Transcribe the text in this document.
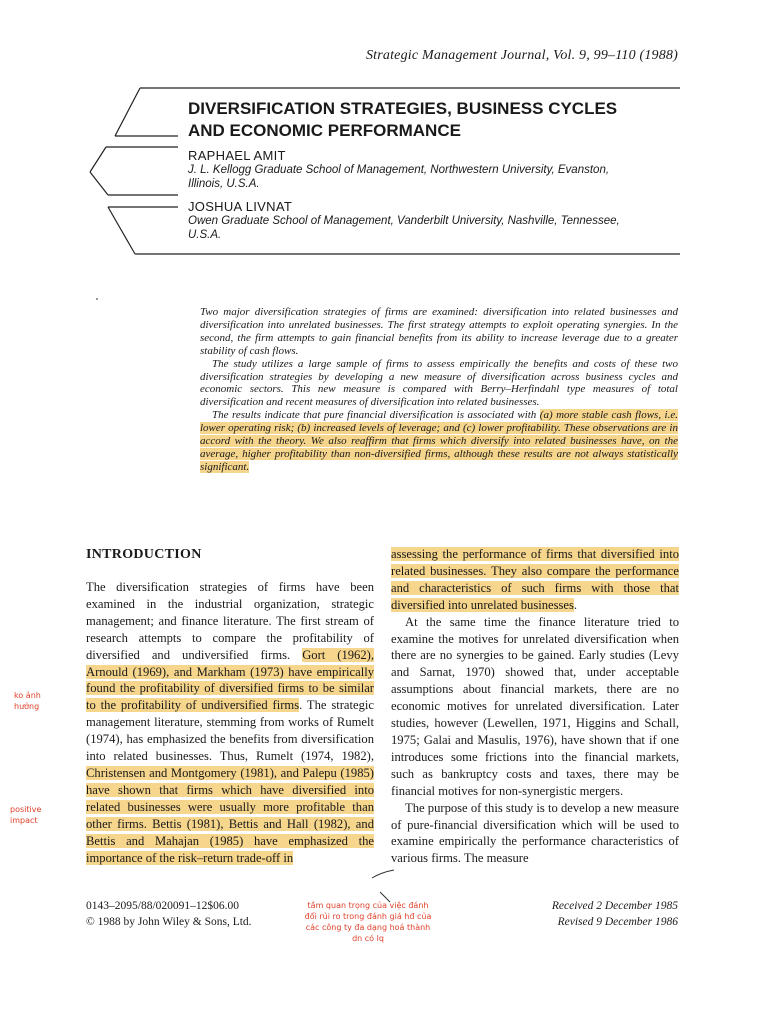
Strategic Management Journal, Vol. 9, 99–110 (1988)
DIVERSIFICATION STRATEGIES, BUSINESS CYCLES
AND ECONOMIC PERFORMANCE
RAPHAEL AMIT
J. L. Kellogg Graduate School of Management, Northwestern University, Evanston,
Illinois, U.S.A.
JOSHUA LIVNAT
Owen Graduate School of Management, Vanderbilt University, Nashville, Tennessee,
U.S.A.

Two major diversification strategies of firms are examined: diversification into related businesses and diversification into unrelated businesses. The first strategy attempts to exploit operating synergies. In the second, the firm attempts to gain financial benefits from its ability to increase leverage due to a greater stability of cash flows.

The study utilizes a large sample of firms to assess empirically the benefits and costs of these two diversification strategies by developing a new measure of diversification across business cycles and economic sectors. This new measure is compared with Berry–Herfindahl type measures of total diversification and recent measures of diversification into related businesses.

The results indicate that pure financial diversification is associated with (a) more stable cash flows, i.e. lower operating risk; (b) increased levels of leverage; and (c) lower profitability. These observations are in accord with the theory. We also reaffirm that firms which diversify into related businesses have, on the average, higher profitability than non-diversified firms, although these results are not always statistically significant.

INTRODUCTION

The diversification strategies of firms have been examined in the industrial organization, strategic management; and finance literature. The first stream of research attempts to compare the profitability of diversified and undiversified firms. Gort (1962), Arnould (1969), and Markham (1973) have empirically found the profitability of diversified firms to be similar to the profitability of undiversified firms. The strategic management literature, stemming from works of Rumelt (1974), has emphasized the benefits from diversification into related businesses. Thus, Rumelt (1974, 1982), Christensen and Montgomery (1981), and Palepu (1985) have shown that firms which have diversified into related businesses were usually more profitable than other firms. Bettis (1981), Bettis and Hall (1982), and Bettis and Mahajan (1985) have emphasized the importance of the risk–return trade-off in

assessing the performance of firms that diversified into related businesses. They also compare the performance and characteristics of such firms with those that diversified into unrelated businesses.

At the same time the finance literature tried to examine the motives for unrelated diversification when there are no synergies to be gained. Early studies (Levy and Sarnat, 1970) showed that, under acceptable assumptions about financial markets, there are no economic motives for unrelated diversification. Later studies, however (Lewellen, 1971, Higgins and Schall, 1975; Galai and Masulis, 1976), have shown that if one introduces some frictions into the financial markets, such as bankruptcy costs and taxes, there may be financial motives for non-synergistic mergers.

The purpose of this study is to develop a new measure of pure-financial diversification which will be used to examine empirically the performance characteristics of various firms. The measure

0143–2095/88/020091–12$06.00
© 1988 by John Wiley & Sons, Ltd.
Received 2 December 1985
Revised 9 December 1986
ko ảnh
hưởng
positive
impact
tầm quan trọng của việc đánh
đổi rủi ro trong đánh giá hđ của
các công ty đa dạng hoá thành
dn có lq
